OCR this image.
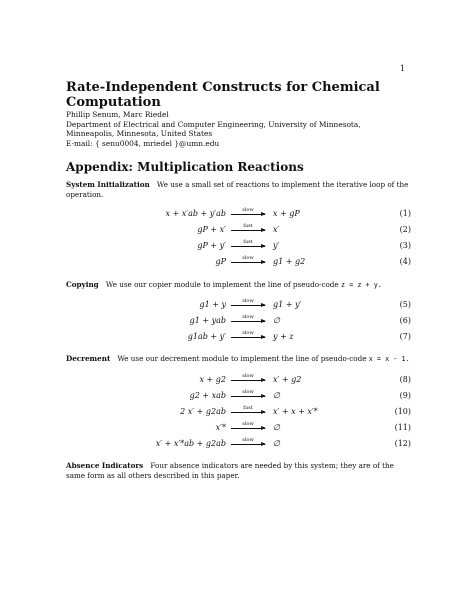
1
Rate-Independent Constructs for Chemical Computation
Phillip Senum, Marc Riedel
Department of Electrical and Computer Engineering, University of Minnesota, Minneapolis, Minnesota, United States
E-mail: { senu0004, mriedel }@umn.edu
Appendix: Multiplication Reactions
System Initialization We use a small set of reactions to implement the iterative loop of the operation.
x + x′ab + y′ab	slow	x + gP	(1)
gP + x′	fast	x′	(2)
gP + y′	fast	y′	(3)
gP	slow	g1 + g2	(4)
Copying We use our copier module to implement the line of pseudo-code z = z + y.
g1 + y	slow	g1 + y′	(5)
g1 + yab	slow	∅	(6)
g1ab + y′	slow	y + z	(7)
Decrement We use our decrement module to implement the line of pseudo-code x = x - 1.
x + g2	slow	x′ + g2	(8)
g2 + xab	slow	∅	(9)
2 x′ + g2ab	fast	x′ + x + x′*	(10)
x′*	slow	∅	(11)
x′ + x′*ab + g2ab	slow	∅	(12)
Absence Indicators Four absence indicators are needed by this system; they are of the same form as all others described in this paper.
